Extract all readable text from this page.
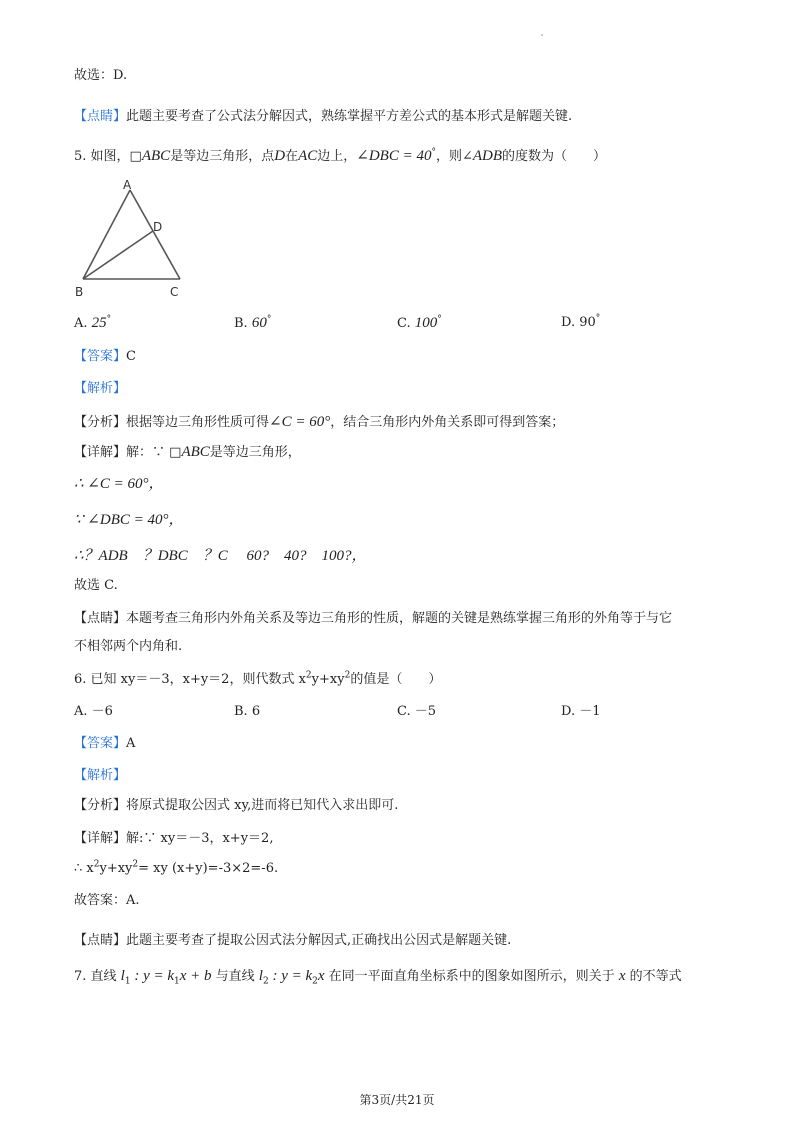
故选：D.
【点睛】此题主要考查了公式法分解因式，熟练掌握平方差公式的基本形式是解题关键.
5. 如图，□ABC是等边三角形，点D在AC边上，∠DBC = 40°，则∠ADB的度数为（　　）
A
D
B	C
A. 25°	B. 60°	C. 100°	D. 90°
【答案】C
【解析】
【分析】根据等边三角形性质可得∠C = 60°，结合三角形内外角关系即可得到答案；
【详解】解：∵ □ABC是等边三角形，
∴ ∠C = 60°，
∵ ∠DBC = 40°，
∴？ADB　？DBC　？C　 60?　40?　100?，
故选 C.
【点睛】本题考查三角形内外角关系及等边三角形的性质，解题的关键是熟练掌握三角形的外角等于与它
不相邻两个内角和.
6. 已知 xy＝－3，x+y＝2，则代数式 $x^2y+xy^2$的值是（　　）
A. －6	B. 6	C. －5	D. －1
【答案】A
【解析】
【分析】将原式提取公因式 xy,进而将已知代入求出即可.
【详解】解:∵ xy＝－3，x+y＝2,
∴ $x^2y+xy^2=$ xy (x+y)=-3×2=-6.
故答案：A.
【点睛】此题主要考查了提取公因式法分解因式,正确找出公因式是解题关键.
7. 直线 $l_1$ : $y = k_1x + b$ 与直线 $l_2$ : $y = k_2x$ 在同一平面直角坐标系中的图象如图所示，则关于 x 的不等式
第3页/共21页
